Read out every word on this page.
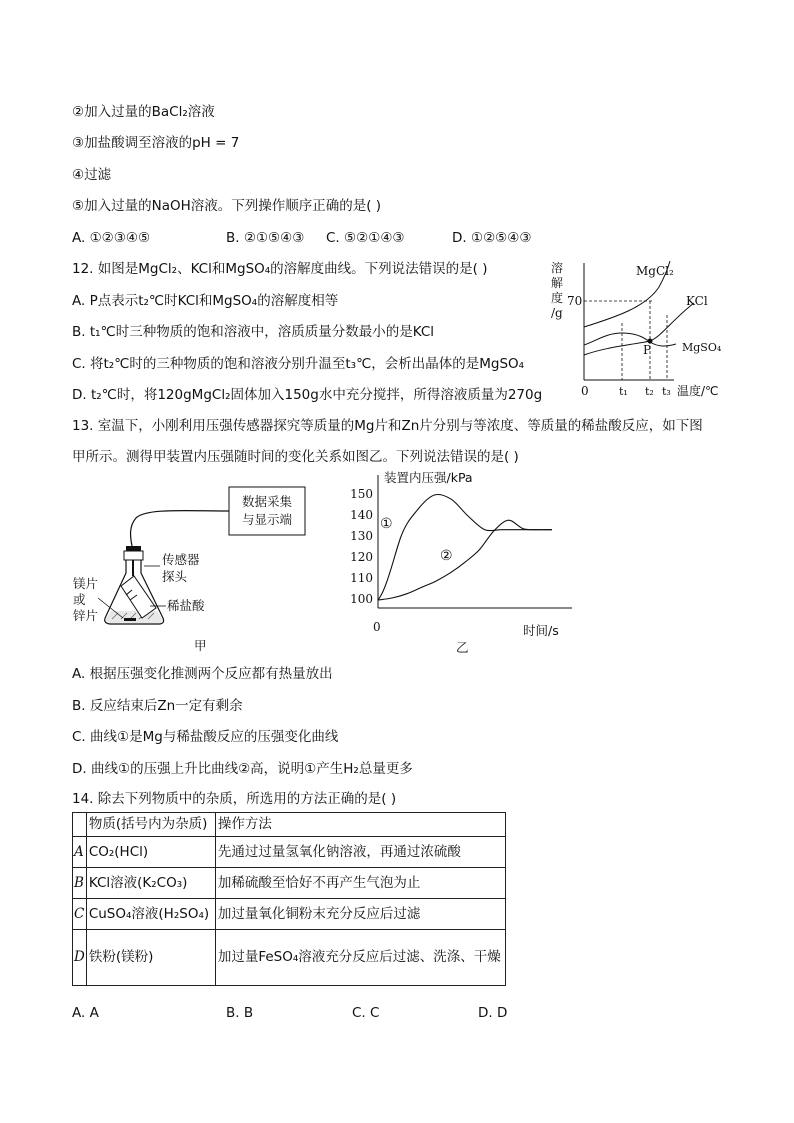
②加入过量的BaCl₂溶液
③加盐酸调至溶液的pH = 7
④过滤
⑤加入过量的NaOH溶液。下列操作顺序正确的是( )
A. ①②③④⑤	B. ②①⑤④③ C. ⑤②①④③	D. ①②⑤④③
12. 如图是MgCl₂、KCl和MgSO₄的溶解度曲线。下列说法错误的是( )
A. P点表示t₂℃时KCl和MgSO₄的溶解度相等
B. t₁℃时三种物质的饱和溶液中，溶质质量分数最小的是KCl
C. 将t₂℃时的三种物质的饱和溶液分别升温至t₃℃，会析出晶体的是MgSO₄
D. t₂℃时，将120gMgCl₂固体加入150g水中充分搅拌，所得溶液质量为270g
溶
解
度
/g
70
P
MgCl₂
KCl
MgSO₄
0	t₁ t₂ t₃ 温度/℃
13. 室温下，小刚利用压强传感器探究等质量的Mg片和Zn片分别与等浓度、等质量的稀盐酸反应，如下图
甲所示。测得甲装置内压强随时间的变化关系如图乙。下列说法错误的是( )
数据采集
与显示端
传感器
探头
稀盐酸
镁片
或
锌片
甲
装置内压强/kPa
150
140
130
120
110
100
0	时间/s
乙
①
②
A. 根据压强变化推测两个反应都有热量放出
B. 反应结束后Zn一定有剩余
C. 曲线①是Mg与稀盐酸反应的压强变化曲线
D. 曲线①的压强上升比曲线②高，说明①产生H₂总量更多
14. 除去下列物质中的杂质，所选用的方法正确的是( )
	物质(括号内为杂质)	操作方法
A	CO₂(HCl)	先通过过量氢氧化钠溶液，再通过浓硫酸
B	KCl溶液(K₂CO₃)	加稀硫酸至恰好不再产生气泡为止
C	CuSO₄溶液(H₂SO₄)	加过量氧化铜粉末充分反应后过滤
D	铁粉(镁粉)	加过量FeSO₄溶液充分反应后过滤、洗涤、干燥
A. A	B. B	C. C	D. D
